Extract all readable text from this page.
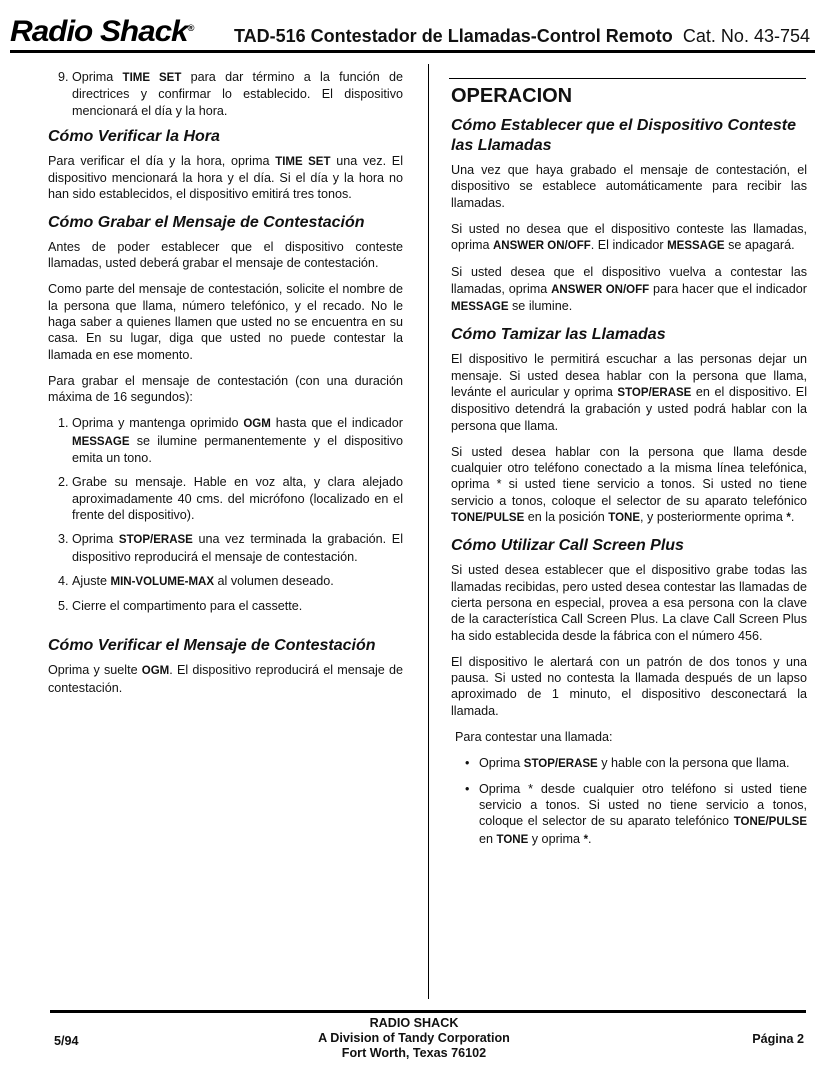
Radio Shack® TAD-516 Contestador de Llamadas-Control Remoto Cat. No. 43-754
9. Oprima TIME SET para dar término a la función de directrices y confirmar lo establecido. El dispositivo mencionará el día y la hora.
Cómo Verificar la Hora

Para verificar el día y la hora, oprima TIME SET una vez. El dispositivo mencionará la hora y el día. Si el día y la hora no han sido establecidos, el dispositivo emitirá tres tonos.

Cómo Grabar el Mensaje de Contestación

Antes de poder establecer que el dispositivo conteste llamadas, usted deberá grabar el mensaje de contestación.

Como parte del mensaje de contestación, solicite el nombre de la persona que llama, número telefónico, y el recado. No le haga saber a quienes llamen que usted no se encuentra en su casa. En su lugar, diga que usted no puede contestar la llamada en ese momento.

Para grabar el mensaje de contestación (con una duración máxima de 16 segundos):

1. Oprima y mantenga oprimido OGM hasta que el indicador MESSAGE se ilumine permanentemente y el dispositivo emita un tono.
2. Grabe su mensaje. Hable en voz alta, y clara alejado aproximadamente 40 cms. del micrófono (localizado en el frente del dispositivo).
3. Oprima STOP/ERASE una vez terminada la grabación. El dispositivo reproducirá el mensaje de contestación.
4. Ajuste MIN-VOLUME-MAX al volumen deseado.
5. Cierre el compartimento para el cassette.
Cómo Verificar el Mensaje de Contestación

Oprima y suelte OGM. El dispositivo reproducirá el mensaje de contestación.

OPERACION
Cómo Establecer que el Dispositivo Conteste las Llamadas

Una vez que haya grabado el mensaje de contestación, el dispositivo se establece automáticamente para recibir las llamadas.

Si usted no desea que el dispositivo conteste las llamadas, oprima ANSWER ON/OFF. El indicador MESSAGE se apagará.

Si usted desea que el dispositivo vuelva a contestar las llamadas, oprima ANSWER ON/OFF para hacer que el indicador MESSAGE se ilumine.

Cómo Tamizar las Llamadas

El dispositivo le permitirá escuchar a las personas dejar un mensaje. Si usted desea hablar con la persona que llama, levánte el auricular y oprima STOP/ERASE en el dispositivo. El dispositivo detendrá la grabación y usted podrá hablar con la persona que llama.

Si usted desea hablar con la persona que llama desde cualquier otro teléfono conectado a la misma línea telefónica, oprima * si usted tiene servicio a tonos. Si usted no tiene servicio a tonos, coloque el selector de su aparato telefónico TONE/PULSE en la posición TONE, y posteriormente oprima *.

Cómo Utilizar Call Screen Plus

Si usted desea establecer que el dispositivo grabe todas las llamadas recibidas, pero usted desea contestar las llamadas de cierta persona en especial, provea a esa persona con la clave de la característica Call Screen Plus. La clave Call Screen Plus ha sido establecida desde la fábrica con el número 456.

El dispositivo le alertará con un patrón de dos tonos y una pausa. Si usted no contesta la llamada después de un lapso aproximado de 1 minuto, el dispositivo desconectará la llamada.

Para contestar una llamada:

• Oprima STOP/ERASE y hable con la persona que llama.
• Oprima * desde cualquier otro teléfono si usted tiene servicio a tonos. Si usted no tiene servicio a tonos, coloque el selector de su aparato telefónico TONE/PULSE en TONE y oprima *.
5/94
RADIO SHACK
A Division of Tandy Corporation
Fort Worth, Texas 76102
Página 2
